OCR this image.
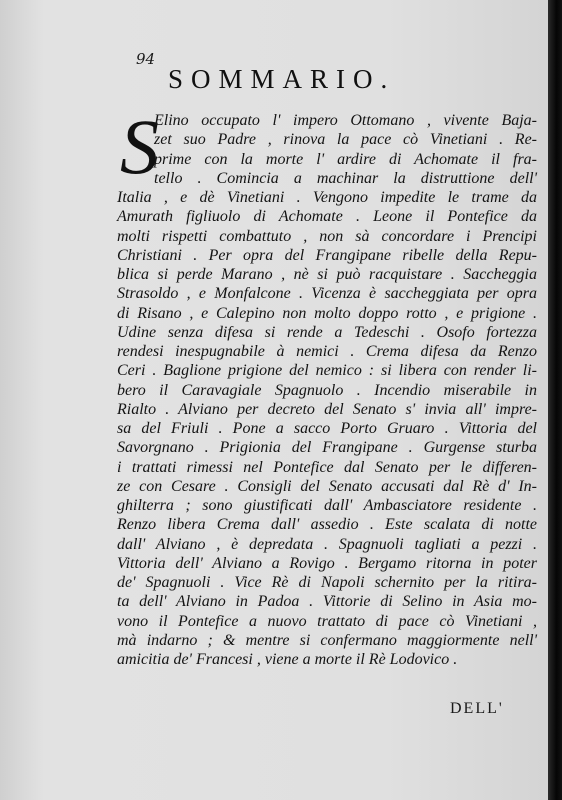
94
SOMMARIO.
S
Elino occupato l' impero Ottomano , vivente Baja-
zet suo Padre , rinova la pace cò Vinetiani . Re-
prime con la morte l' ardire di Achomate il fra-
tello . Comincia a machinar la distruttione dell'
Italia , e dè Vinetiani . Vengono impedite le trame da
Amurath figliuolo di Achomate . Leone il Pontefice da
molti rispetti combattuto , non sà concordare i Prencipi
Christiani . Per opra del Frangipane ribelle della Repu-
blica si perde Marano , nè si può racquistare . Saccheggia
Strasoldo , e Monfalcone . Vicenza è saccheggiata per opra
di Risano , e Calepino non molto doppo rotto , e prigione .
Udine senza difesa si rende a Tedeschi . Osofo fortezza
rendesi inespugnabile à nemici . Crema difesa da Renzo
Ceri . Baglione prigione del nemico : si libera con render li-
bero il Caravagiale Spagnuolo . Incendio miserabile in
Rialto . Alviano per decreto del Senato s' invia all' impre-
sa del Friuli . Pone a sacco Porto Gruaro . Vittoria del
Savorgnano . Prigionia del Frangipane . Gurgense sturba
i trattati rimessi nel Pontefice dal Senato per le differen-
ze con Cesare . Consigli del Senato accusati dal Rè d' In-
ghilterra ; sono giustificati dall' Ambasciatore residente .
Renzo libera Crema dall' assedio . Este scalata di notte
dall' Alviano , è depredata . Spagnuoli tagliati a pezzi .
Vittoria dell' Alviano a Rovigo . Bergamo ritorna in poter
de' Spagnuoli . Vice Rè di Napoli schernito per la ritira-
ta dell' Alviano in Padoa . Vittorie di Selino in Asia mo-
vono il Pontefice a nuovo trattato di pace cò Vinetiani ,
mà indarno ; & mentre si confermano maggiormente nell'
amicitia de' Francesi , viene a morte il Rè Lodovico .
DELL'
